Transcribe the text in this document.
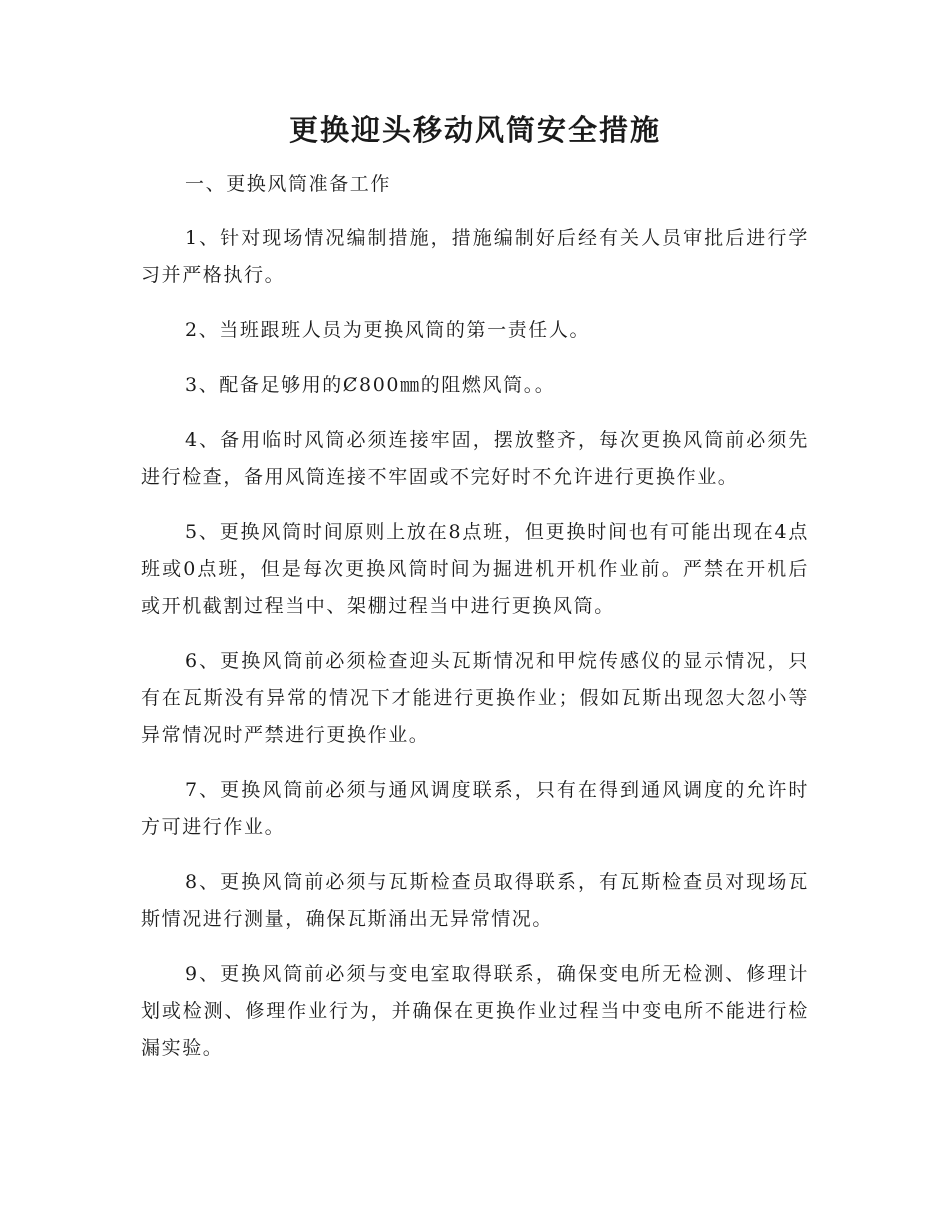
更换迎头移动风筒安全措施

一、更换风筒准备工作

1、针对现场情况编制措施，措施编制好后经有关人员审批后进行学习并严格执行。

2、当班跟班人员为更换风筒的第一责任人。

3、配备足够用的Ȼ800㎜的阻燃风筒。。

4、备用临时风筒必须连接牢固，摆放整齐，每次更换风筒前必须先进行检查，备用风筒连接不牢固或不完好时不允许进行更换作业。

5、更换风筒时间原则上放在8点班，但更换时间也有可能出现在4点班或0点班，但是每次更换风筒时间为掘进机开机作业前。严禁在开机后或开机截割过程当中、架棚过程当中进行更换风筒。

6、更换风筒前必须检查迎头瓦斯情况和甲烷传感仪的显示情况，只有在瓦斯没有异常的情况下才能进行更换作业；假如瓦斯出现忽大忽小等异常情况时严禁进行更换作业。

7、更换风筒前必须与通风调度联系，只有在得到通风调度的允许时方可进行作业。

8、更换风筒前必须与瓦斯检查员取得联系，有瓦斯检查员对现场瓦斯情况进行测量，确保瓦斯涌出无异常情况。

9、更换风筒前必须与变电室取得联系，确保变电所无检测、修理计划或检测、修理作业行为，并确保在更换作业过程当中变电所不能进行检漏实验。
